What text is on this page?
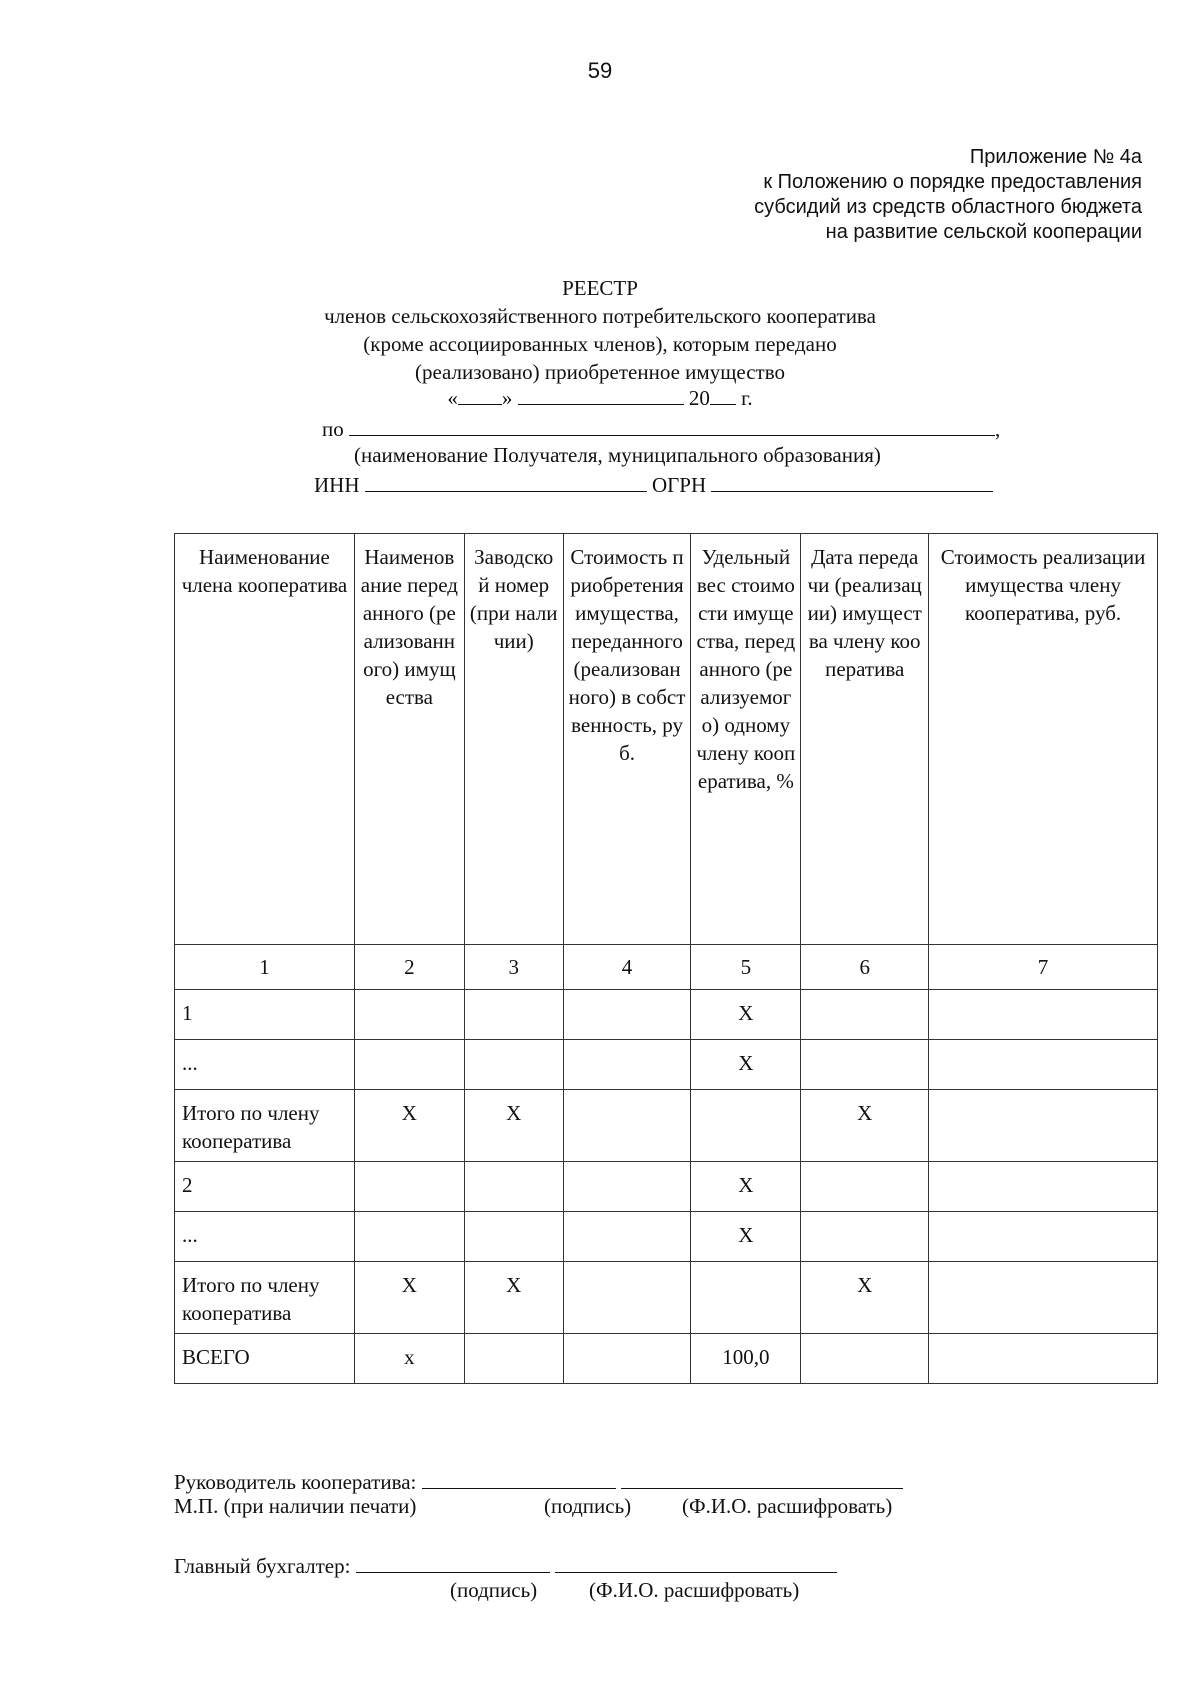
59
Приложение № 4а
к Положению о порядке предоставления
субсидий из средств областного бюджета
на развитие сельской кооперации
РЕЕСТР
членов сельскохозяйственного потребительского кооператива
(кроме ассоциированных членов), которым передано
(реализовано) приобретенное имущество
« »	20 г.
по	,
(наименование Получателя, муниципального образования)
ИНН	ОГРН
Наименование члена кооператива	Наименование переданного (реализованного) имущества	Заводской номер (при наличии)	Стоимость приобретения имущества, переданного (реализованного) в собственность, руб.	Удельный вес стоимости имущества, переданного (реализуемого) одному члену кооператива, %	Дата передачи (реализации) имущества члену кооператива	Стоимость реализации имущества члену кооператива, руб.
1	2	3	4	5	6	7
1				X		
...				X		
Итого по члену кооператива	X	X			X	
2				X		
...				X		
Итого по члену кооператива	X	X			X	
ВСЕГО	x			100,0		
Руководитель кооператива:
М.П. (при наличии печати)	(подпись) (Ф.И.О. расшифровать)
Главный бухгалтер:
(подпись) (Ф.И.О. расшифровать)
